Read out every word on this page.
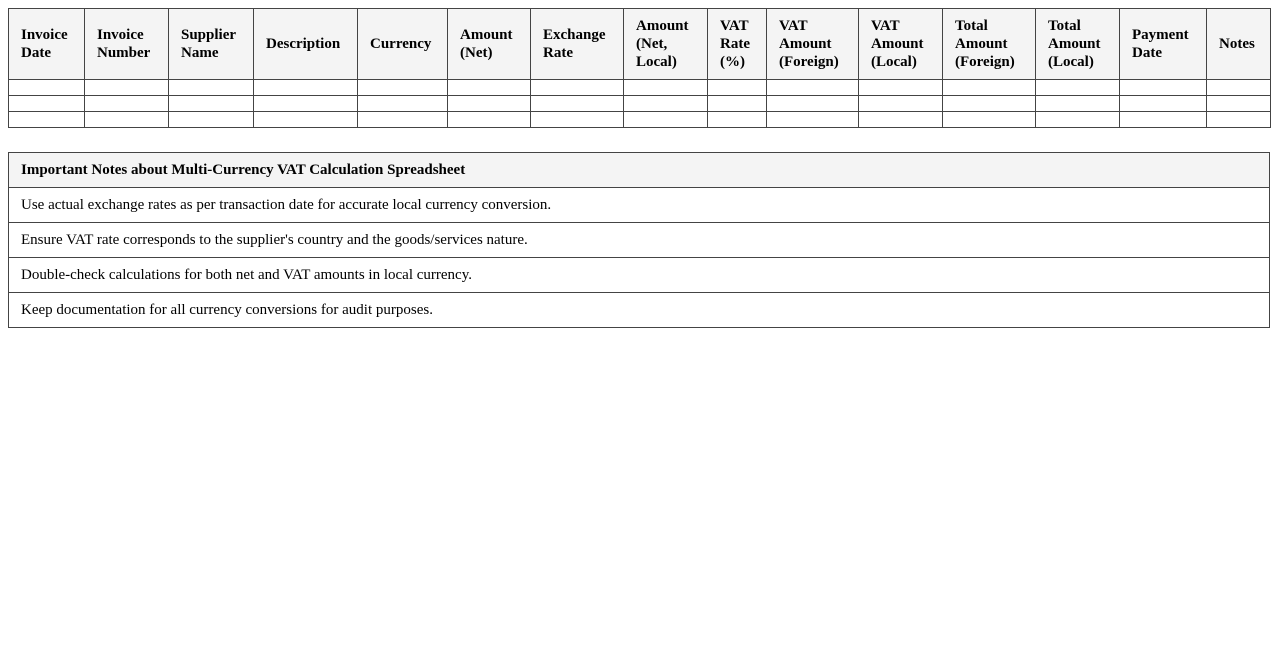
Invoice Date	Invoice Number	Supplier Name	Description	Currency	Amount (Net)	Exchange Rate	Amount (Net, Local)	VAT Rate (%)	VAT Amount (Foreign)	VAT Amount (Local)	Total Amount (Foreign)	Total Amount (Local)	Payment Date	Notes

Important Notes about Multi-Currency VAT Calculation Spreadsheet
Use actual exchange rates as per transaction date for accurate local currency conversion.
Ensure VAT rate corresponds to the supplier's country and the goods/services nature.
Double-check calculations for both net and VAT amounts in local currency.
Keep documentation for all currency conversions for audit purposes.
